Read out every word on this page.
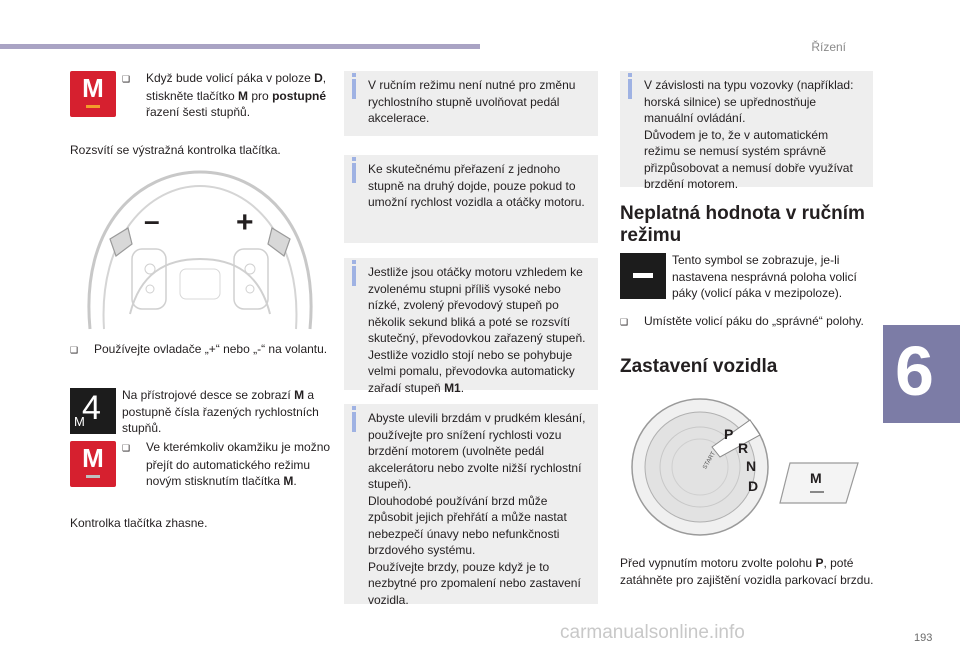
Řízení
6
193
carmanualsonline.info
M	❑ Když bude volicí páka v poloze D, stiskněte tlačítko M pro postupné řazení šesti stupňů.
Rozsvítí se výstražná kontrolka tlačítka.
–	+
❑ Používejte ovladače „+“ nebo „-“ na volantu.
4
M
Na přístrojové desce se zobrazí M a postupně čísla řazených rychlostních stupňů.
M	❑ Ve kterémkoliv okamžiku je možno přejít do automatického režimu novým stisknutím tlačítka M.
Kontrolka tlačítka zhasne.
V ručním režimu není nutné pro změnu rychlostního stupně uvolňovat pedál akcelerace.
Ke skutečnému přeřazení z jednoho stupně na druhý dojde, pouze pokud to umožní rychlost vozidla a otáčky motoru.
Jestliže jsou otáčky motoru vzhledem ke zvolenému stupni příliš vysoké nebo nízké, zvolený převodový stupeň po několik sekund bliká a poté se rozsvítí skutečný, převodovkou zařazený stupeň. Jestliže vozidlo stojí nebo se pohybuje velmi pomalu, převodovka automaticky zařadí stupeň M1.
Abyste ulevili brzdám v prudkém klesání, používejte pro snížení rychlosti vozu brzdění motorem (uvolněte pedál akcelerátoru nebo zvolte nižší rychlostní stupeň).
Dlouhodobé používání brzd může způsobit jejich přehřátí a může nastat nebezpečí únavy nebo nefunkčnosti brzdového systému.
Používejte brzdy, pouze když je to nezbytné pro zpomalení nebo zastavení vozidla.
V závislosti na typu vozovky (například: horská silnice) se upřednostňuje manuální ovládání.
Důvodem je to, že v automatickém režimu se nemusí systém správně přizpůsobovat a nemusí dobře využívat brzdění motorem.
Neplatná hodnota v ručním režimu
Tento symbol se zobrazuje, je-li nastavena nesprávná poloha volicí páky (volicí páka v mezipoloze).
❑ Umístěte volicí páku do „správné“ polohy.
Zastavení vozidla
P
R
N
D
START
M
Před vypnutím motoru zvolte polohu P, poté zatáhněte pro zajištění vozidla parkovací brzdu.
